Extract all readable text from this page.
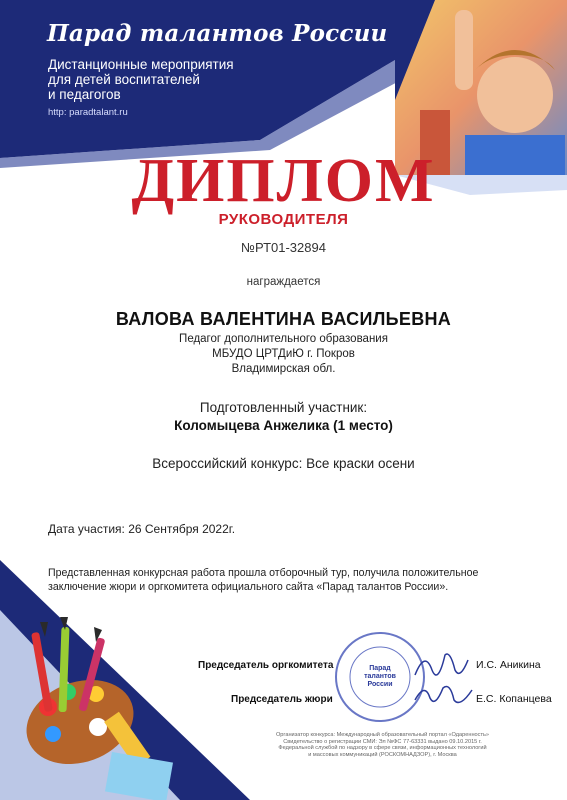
Парад талантов России
Дистанционные мероприятия
для детей воспитателей
и педагогов
http: paradtalant.ru
ДИПЛОМ
РУКОВОДИТЕЛЯ
№РТ01-32894
награждается
ВАЛОВА ВАЛЕНТИНА ВАСИЛЬЕВНА
Педагог дополнительного образования
МБУДО ЦРТДиЮ г. Покров
Владимирская обл.
Подготовленный участник:
Коломыцева Анжелика (1 место)
Всероссийский конкурс: Все краски осени
Дата участия: 26 Сентября 2022г.
Представленная конкурсная работа прошла отборочный тур, получила положительное заключение жюри и оргкомитета официального сайта «Парад талантов России».
Председатель оргкомитета	И.С. Аникина
Председатель жюри	Е.С. Копанцева
Парад
талантов
России
Организатор конкурса: Международный образовательный портал «Одаренность»
Свидетельство о регистрации СМИ: Эл №ФС 77-63331 выдано 09.10.2015 г.
Федеральной службой по надзору в сфере связи, информационных технологий
и массовых коммуникаций (РОСКОМНАДЗОР), г. Москва
